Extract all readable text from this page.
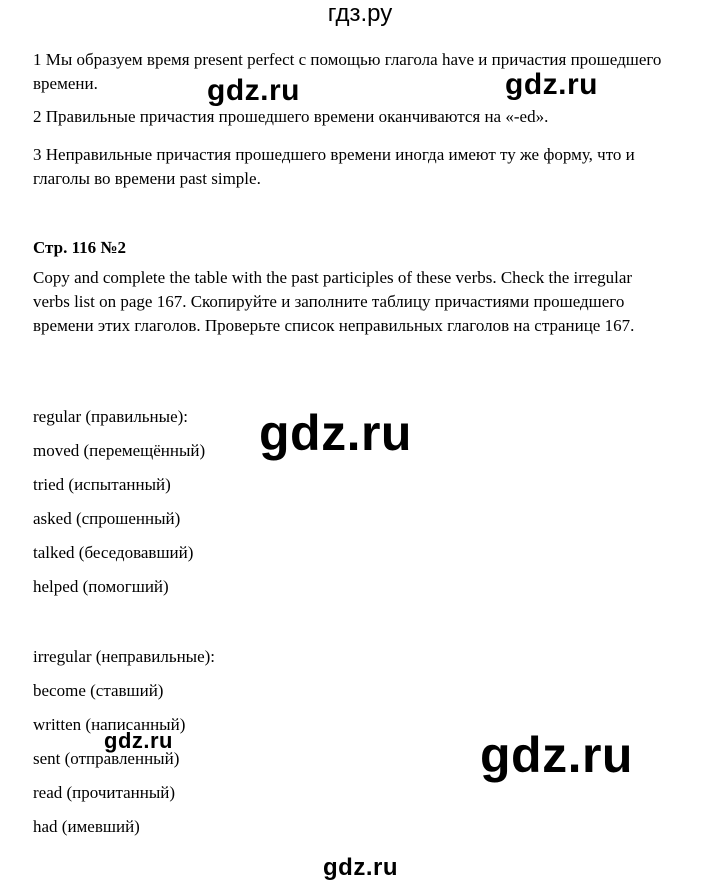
гдз.ру

1 Мы образуем время present perfect с помощью глагола have и причастия прошедшего времени.

2 Правильные причастия прошедшего времени оканчиваются на «-ed».

3 Неправильные причастия прошедшего времени иногда имеют ту же форму, что и глаголы во времени past simple.

Стр. 116 №2

Copy and complete the table with the past participles of these verbs. Check the irregular verbs list on page 167. Скопируйте и заполните таблицу причастиями прошедшего времени этих глаголов. Проверьте список неправильных глаголов на странице 167.

regular (правильные):

moved (перемещённый)

tried (испытанный)

asked (спрошенный)

talked (беседовавший)

helped (помогший)

irregular (неправильные):

become (ставший)

written (написанный)

sent (отправленный)

read (прочитанный)

had (имевший)

gdz.ru	gdz.ru

gdz.ru

gdz.ru	gdz.ru

gdz.ru
